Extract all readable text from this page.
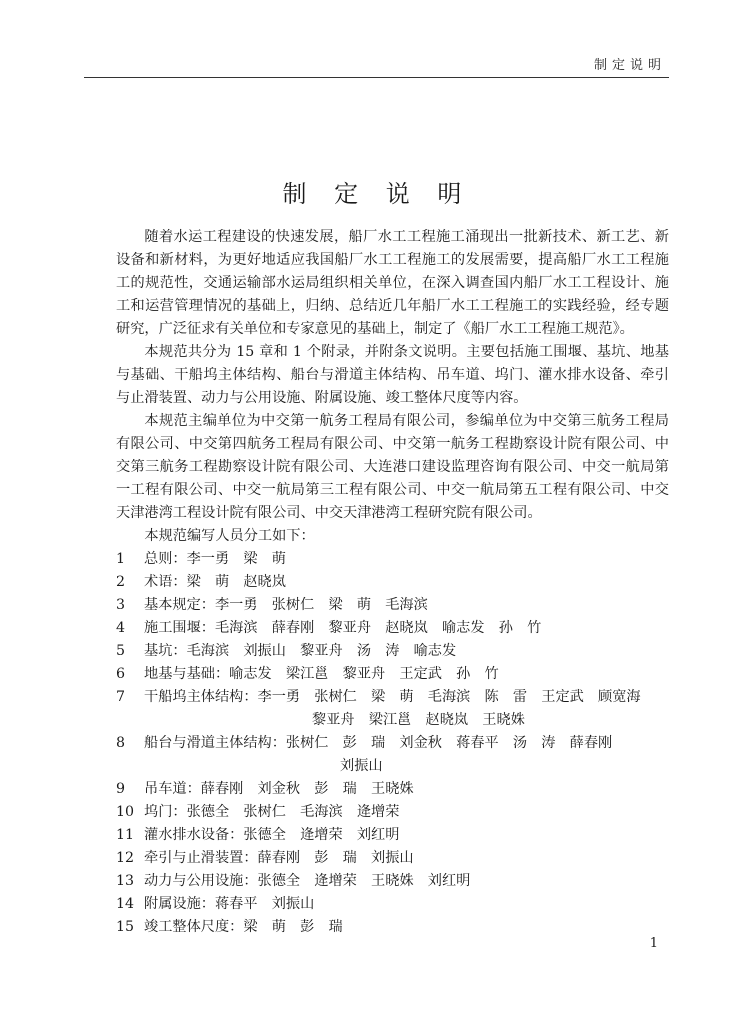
制定说明
制 定 说 明

随着水运工程建设的快速发展，船厂水工工程施工涌现出一批新技术、新工艺、新设备和新材料，为更好地适应我国船厂水工工程施工的发展需要，提高船厂水工工程施工的规范性，交通运输部水运局组织相关单位，在深入调查国内船厂水工工程设计、施工和运营管理情况的基础上，归纳、总结近几年船厂水工工程施工的实践经验，经专题研究，广泛征求有关单位和专家意见的基础上，制定了《船厂水工工程施工规范》。

本规范共分为 15 章和 1 个附录，并附条文说明。主要包括施工围堰、基坑、地基与基础、干船坞主体结构、船台与滑道主体结构、吊车道、坞门、灌水排水设备、牵引与止滑装置、动力与公用设施、附属设施、竣工整体尺度等内容。

本规范主编单位为中交第一航务工程局有限公司，参编单位为中交第三航务工程局有限公司、中交第四航务工程局有限公司、中交第一航务工程勘察设计院有限公司、中交第三航务工程勘察设计院有限公司、大连港口建设监理咨询有限公司、中交一航局第一工程有限公司、中交一航局第三工程有限公司、中交一航局第五工程有限公司、中交天津港湾工程设计院有限公司、中交天津港湾工程研究院有限公司。

本规范编写人员分工如下：

1	总则：李一勇　梁　萌
2	术语：梁　萌　赵晓岚
3	基本规定：李一勇　张树仁　梁　萌　毛海滨
4	施工围堰：毛海滨　薛春刚　黎亚舟　赵晓岚　喻志发　孙　竹
5	基坑：毛海滨　刘振山　黎亚舟　汤　涛　喻志发
6	地基与基础：喻志发　梁江邕　黎亚舟　王定武　孙　竹
7	干船坞主体结构：李一勇　张树仁　梁　萌　毛海滨　陈　雷　王定武　顾宽海
黎亚舟　梁江邕　赵晓岚　王晓姝
8	船台与滑道主体结构：张树仁　彭　瑞　刘金秋　蒋春平　汤　涛　薛春刚
刘振山
9	吊车道：薛春刚　刘金秋　彭　瑞　王晓姝
10 坞门：张德全　张树仁　毛海滨　逄增荣
11 灌水排水设备：张德全　逄增荣　刘红明
12 牵引与止滑装置：薛春刚　彭　瑞　刘振山
13 动力与公用设施：张德全　逄增荣　王晓姝　刘红明
14 附属设施：蒋春平　刘振山
15 竣工整体尺度：梁　萌　彭　瑞
1
